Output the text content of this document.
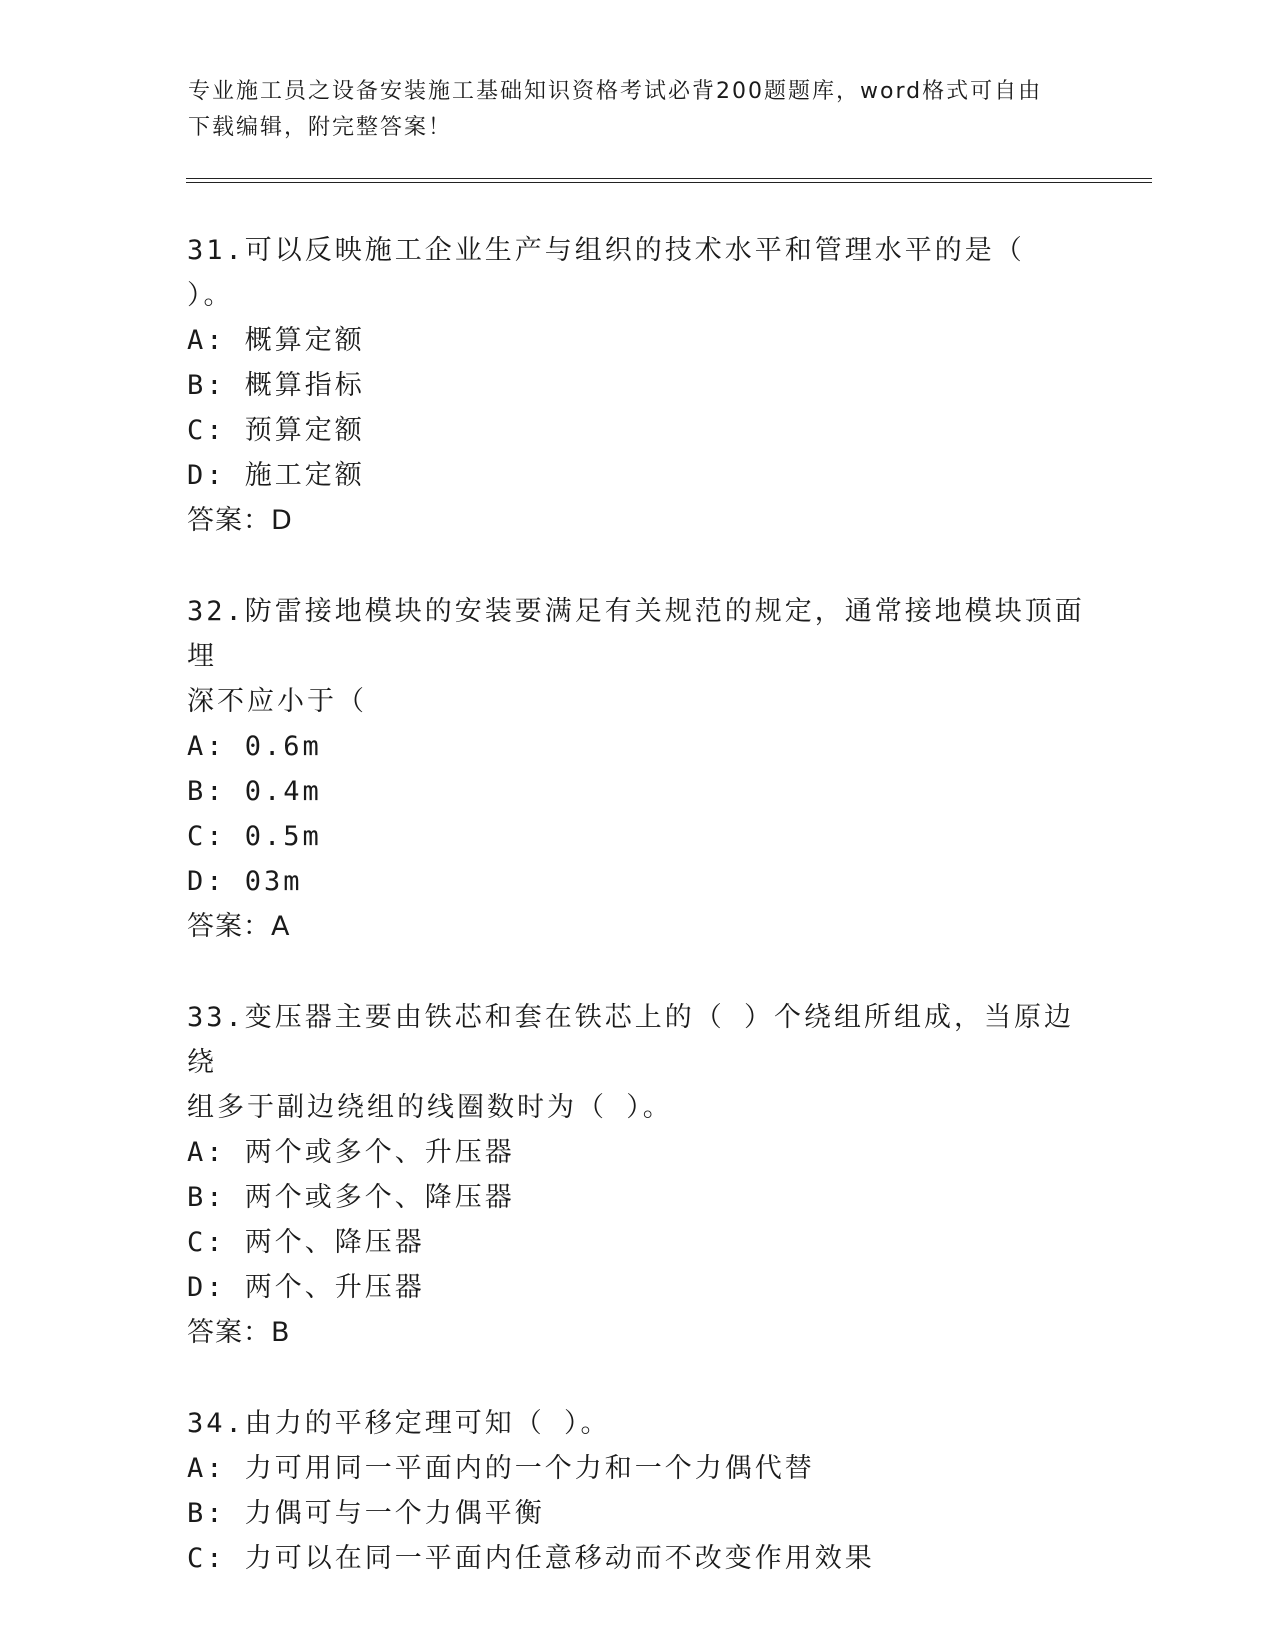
专业施工员之设备安装施工基础知识资格考试必背200题题库，word格式可自由
下载编辑，附完整答案！
31.可以反映施工企业生产与组织的技术水平和管理水平的是（ ）。
A: 概算定额
B: 概算指标
C: 预算定额
D: 施工定额
答案：D
32.防雷接地模块的安装要满足有关规范的规定，通常接地模块顶面埋
深不应小于（
A: 0.6m
B: 0.4m
C: 0.5m
D: 03m
答案：A
33.变压器主要由铁芯和套在铁芯上的（ ）个绕组所组成，当原边绕
组多于副边绕组的线圈数时为（ ）。
A: 两个或多个、升压器
B: 两个或多个、降压器
C: 两个、降压器
D: 两个、升压器
答案：B
34.由力的平移定理可知（ ）。
A: 力可用同一平面内的一个力和一个力偶代替
B: 力偶可与一个力偶平衡
C: 力可以在同一平面内任意移动而不改变作用效果
